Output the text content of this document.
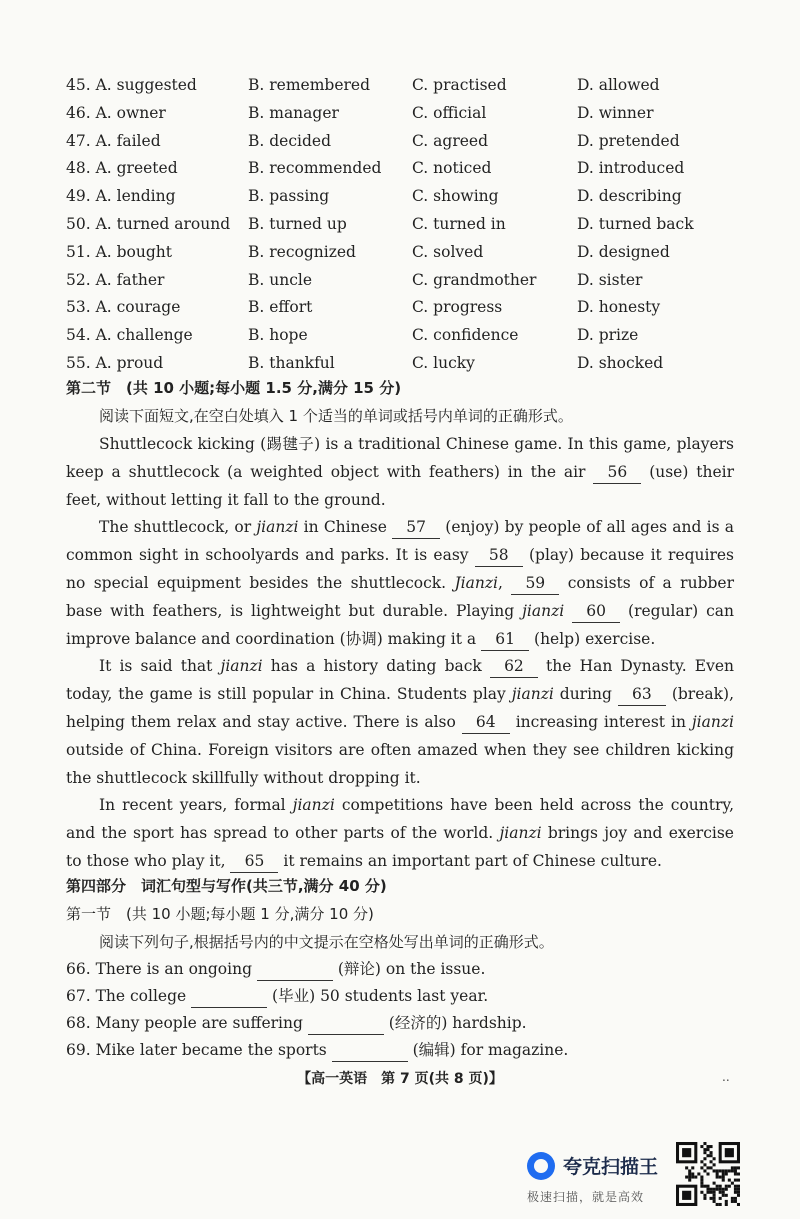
45. A. suggested	B. remembered	C. practised	D. allowed
46. A. owner	B. manager	C. official	D. winner
47. A. failed	B. decided	C. agreed	D. pretended
48. A. greeted	B. recommended C. noticed	D. introduced
49. A. lending	B. passing	C. showing	D. describing
50. A. turned around B. turned up	C. turned in	D. turned back
51. A. bought	B. recognized	C. solved	D. designed
52. A. father	B. uncle	C. grandmother	D. sister
53. A. courage	B. effort	C. progress	D. honesty
54. A. challenge	B. hope	C. confidence	D. prize
55. A. proud	B. thankful	C. lucky	D. shocked
第二节　(共 10 小题;每小题 1.5 分,满分 15 分)
阅读下面短文,在空白处填入 1 个适当的单词或括号内单词的正确形式。

Shuttlecock kicking (踢毽子) is a traditional Chinese game. In this game, players keep a shuttlecock (a weighted object with feathers) in the air 56 (use) their feet, without letting it fall to the ground.

The shuttlecock, or jianzi in Chinese 57 (enjoy) by people of all ages and is a common sight in schoolyards and parks. It is easy 58 (play) because it requires no special equipment besides the shuttlecock. Jianzi, 59 consists of a rubber base with feathers, is lightweight but durable. Playing jianzi 60 (regular) can improve balance and coordination (协调) making it a 61 (help) exercise.

It is said that jianzi has a history dating back 62 the Han Dynasty. Even today, the game is still popular in China. Students play jianzi during 63 (break), helping them relax and stay active. There is also 64 increasing interest in jianzi outside of China. Foreign visitors are often amazed when they see children kicking the shuttlecock skillfully without dropping it.

In recent years, formal jianzi competitions have been held across the country, and the sport has spread to other parts of the world. jianzi brings joy and exercise to those who play it, 65 it remains an important part of Chinese culture.

第四部分　词汇句型与写作(共三节,满分 40 分)
第一节　(共 10 小题;每小题 1 分,满分 10 分)
阅读下列句子,根据括号内的中文提示在空格处写出单词的正确形式。
66. There is an ongoing	(辩论) on the issue.
67. The college	(毕业) 50 students last year.
68. Many people are suffering	(经济的) hardship.
69. Mike later became the sports	(编辑) for magazine.
【高一英语　第 7 页(共 8 页)】	..
夸克扫描王
极速扫描，就是高效
